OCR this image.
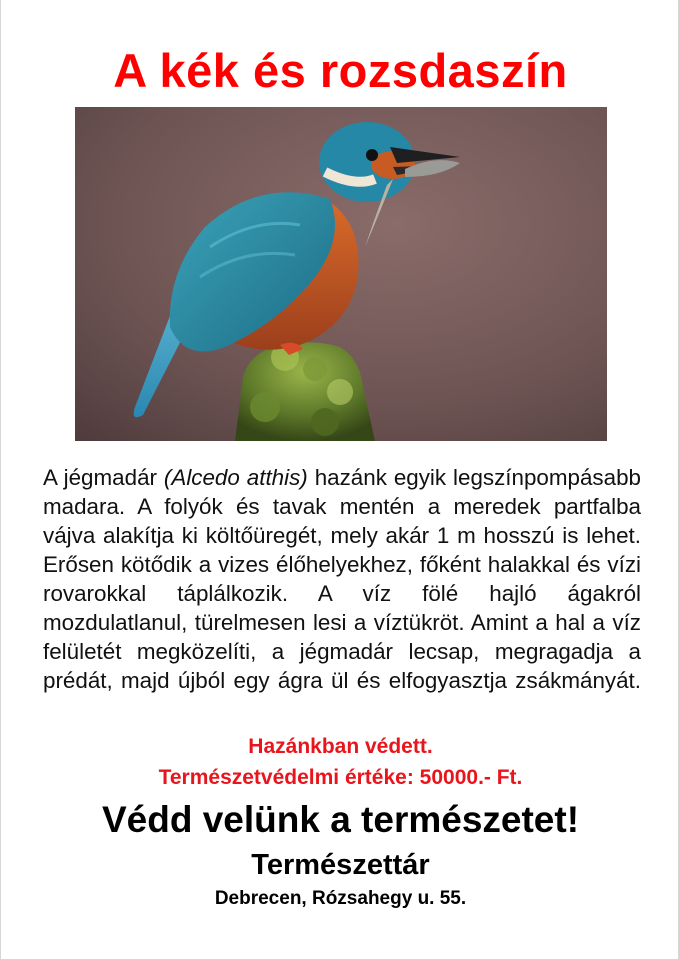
A kék és rozsdaszín
A jégmadár (Alcedo atthis) hazánk egyik legszínpompásabb madara. A folyók és tavak mentén a meredek partfalba vájva alakítja ki költőüregét, mely akár 1 m hosszú is lehet. Erősen kötődik a vizes élőhelyekhez, főként halakkal és vízi rovarokkal táplálkozik. A víz fölé hajló ágakról mozdulatlanul, türelmesen lesi a víztükröt. Amint a hal a víz felületét megközelíti, a jégmadár lecsap, megragadja a prédát, majd újból egy ágra ül és elfogyasztja zsákmányát.
Hazánkban védett.
Természetvédelmi értéke: 50000.- Ft.
Védd velünk a természetet!
Természettár
Debrecen, Rózsahegy u. 55.
